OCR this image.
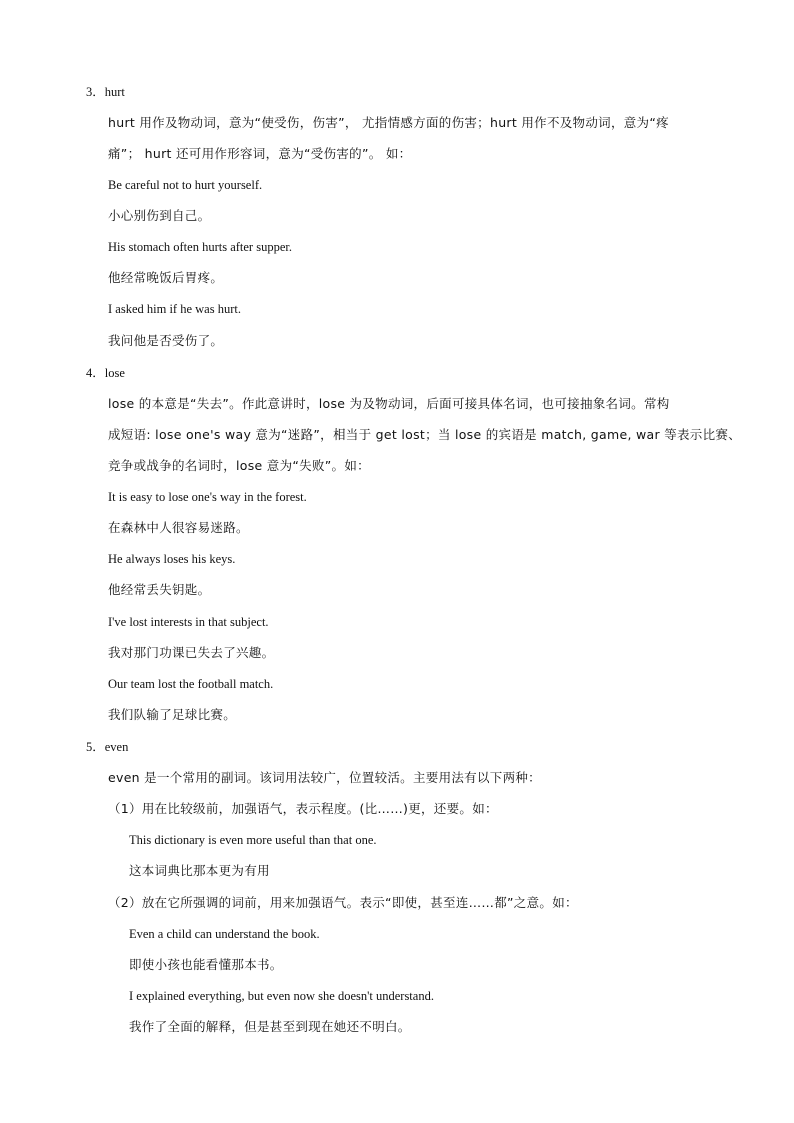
3．hurt
hurt 用作及物动词，意为“使受伤，伤害”， 尤指情感方面的伤害；hurt 用作不及物动词，意为“疼
痛”； hurt 还可用作形容词，意为“受伤害的”。 如：
Be careful not to hurt yourself.
小心别伤到自己。
His stomach often hurts after supper.
他经常晚饭后胃疼。
I asked him if he was hurt.
我问他是否受伤了。
4．lose
lose 的本意是“失去”。作此意讲时，lose 为及物动词，后面可接具体名词，也可接抽象名词。常构
成短语: lose one's way 意为“迷路”，相当于 get lost；当 lose 的宾语是 match, game, war 等表示比赛、
竞争或战争的名词时，lose 意为“失败”。如：
It is easy to lose one's way in the forest.
在森林中人很容易迷路。
He always loses his keys.
他经常丢失钥匙。
I've lost interests in that subject.
我对那门功课已失去了兴趣。
Our team lost the football match.
我们队输了足球比赛。
5．even
even 是一个常用的副词。该词用法较广，位置较活。主要用法有以下两种：
（1）用在比较级前，加强语气，表示程度。(比……)更，还要。如：
This dictionary is even more useful than that one.
这本词典比那本更为有用
（2）放在它所强调的词前，用来加强语气。表示“即使，甚至连……都”之意。如：
Even a child can understand the book.
即使小孩也能看懂那本书。
I explained everything, but even now she doesn't understand.
我作了全面的解释，但是甚至到现在她还不明白。
